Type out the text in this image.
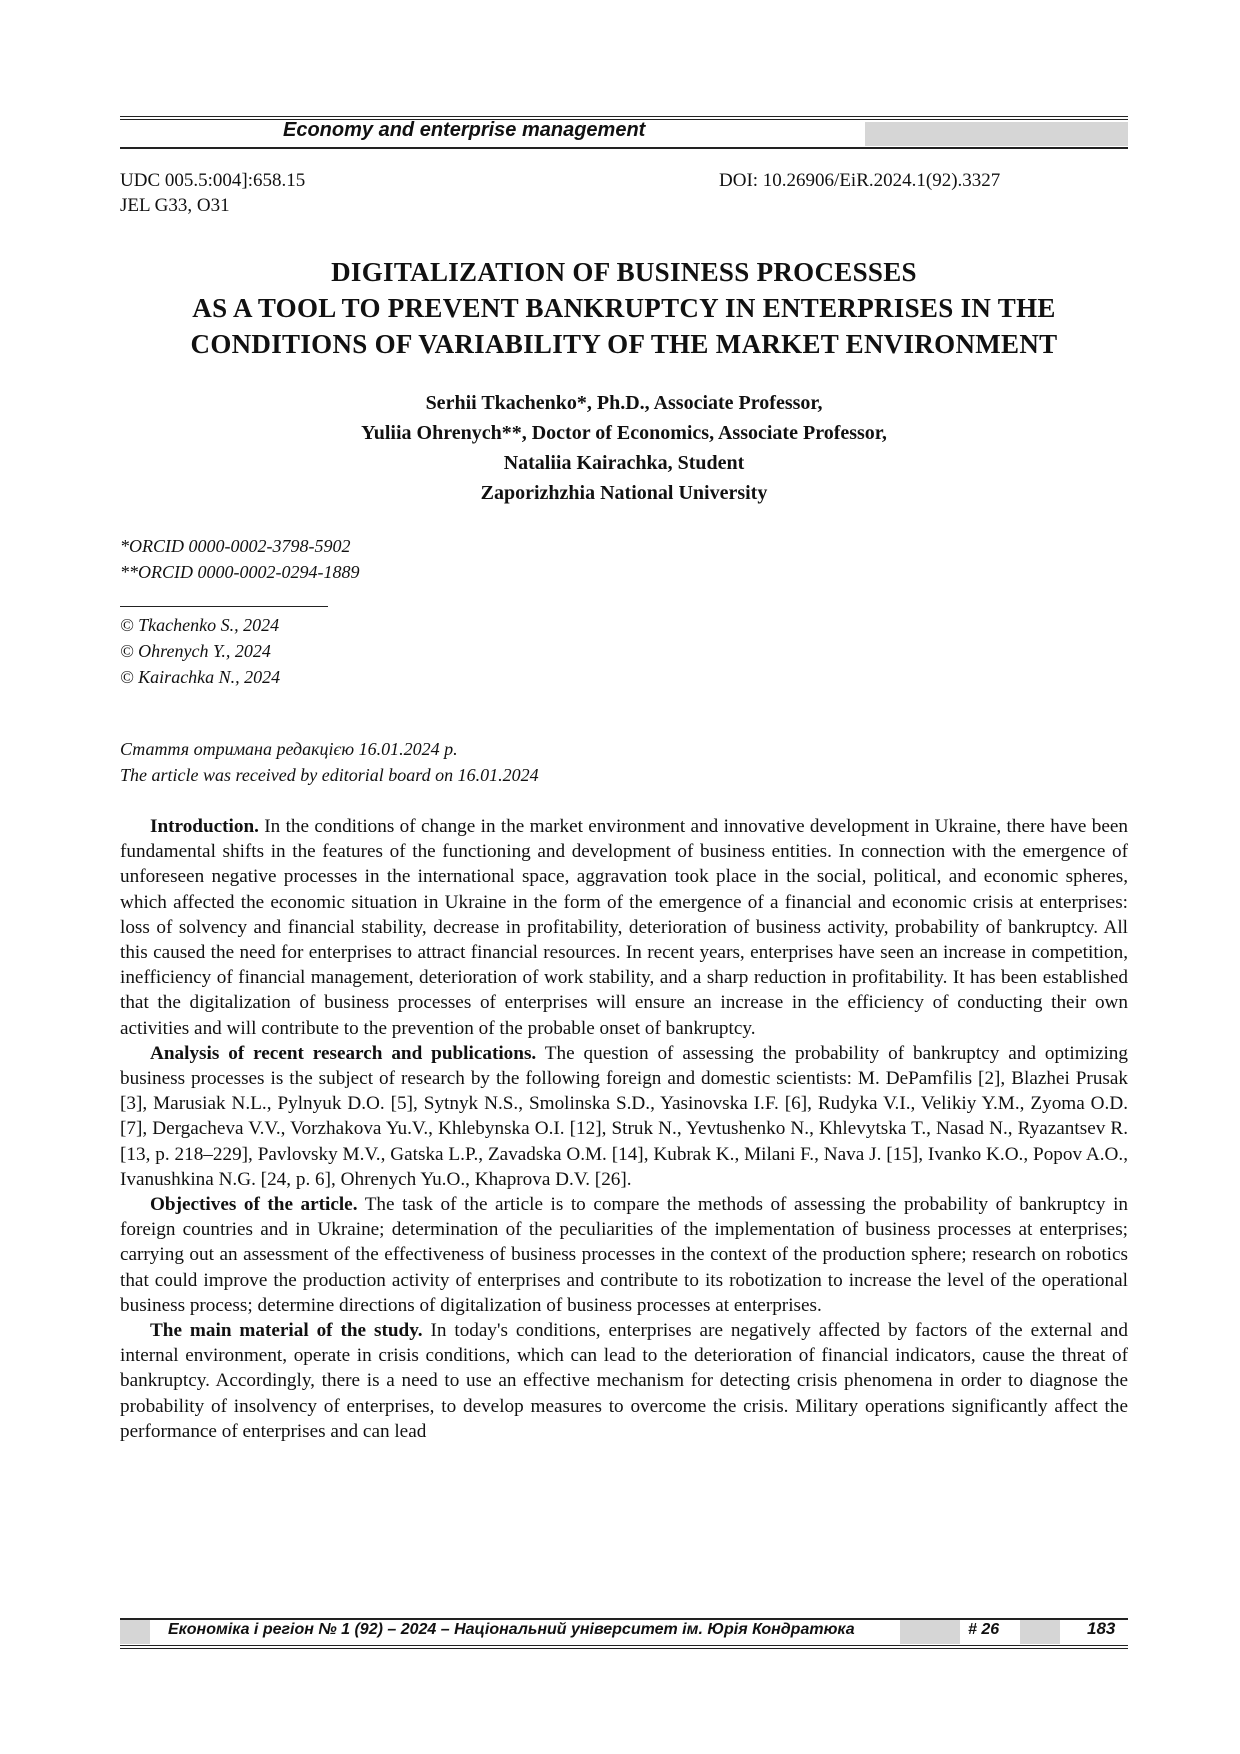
Economy and enterprise management
UDC 005.5:004]:658.15
JEL G33, O31
DOI: 10.26906/EiR.2024.1(92).3327
DIGITALIZATION OF BUSINESS PROCESSES
AS A TOOL TO PREVENT BANKRUPTCY IN ENTERPRISES IN THE
CONDITIONS OF VARIABILITY OF THE MARKET ENVIRONMENT
Serhii Tkachenko*, Ph.D., Associate Professor,
Yuliia Ohrenych**, Doctor of Economics, Associate Professor,
Nataliia Kairachka, Student
Zaporizhzhia National University
*ORCID 0000-0002-3798-5902
**ORCID 0000-0002-0294-1889
© Tkachenko S., 2024
© Ohrenych Y., 2024
© Kairachka N., 2024
Стаття отримана редакцією 16.01.2024 р.
The article was received by editorial board on 16.01.2024

Introduction. In the conditions of change in the market environment and innovative development in Ukraine, there have been fundamental shifts in the features of the functioning and development of business entities. In connection with the emergence of unforeseen negative processes in the international space, aggravation took place in the social, political, and economic spheres, which affected the economic situation in Ukraine in the form of the emergence of a financial and economic crisis at enterprises: loss of solvency and financial stability, decrease in profitability, deterioration of business activity, probability of bankruptcy. All this caused the need for enterprises to attract financial resources. In recent years, enterprises have seen an increase in competition, inefficiency of financial management, deterioration of work stability, and a sharp reduction in profitability. It has been established that the digitalization of business processes of enterprises will ensure an increase in the efficiency of conducting their own activities and will contribute to the prevention of the probable onset of bankruptcy.

Analysis of recent research and publications. The question of assessing the probability of bankruptcy and optimizing business processes is the subject of research by the following foreign and domestic scientists: M. DePamfilis [2], Blazhei Prusak [3], Marusiak N.L., Pylnyuk D.O. [5], Sytnyk N.S., Smolinska S.D., Yasinovska I.F. [6], Rudyka V.I., Velikiy Y.M., Zyoma O.D. [7], Dergacheva V.V., Vorzhakova Yu.V., Khlebynska O.I. [12], Struk N., Yevtushenko N., Khlevytska T., Nasad N., Ryazantsev R. [13, p. 218–229], Pavlovsky M.V., Gatska L.P., Zavadska O.M. [14], Kubrak K., Milani F., Nava J. [15], Ivanko K.O., Popov A.O., Ivanushkina N.G. [24, p. 6], Ohrenych Yu.O., Khaprova D.V. [26].

Objectives of the article. The task of the article is to compare the methods of assessing the probability of bankruptcy in foreign countries and in Ukraine; determination of the peculiarities of the implementation of business processes at enterprises; carrying out an assessment of the effectiveness of business processes in the context of the production sphere; research on robotics that could improve the production activity of enterprises and contribute to its robotization to increase the level of the operational business process; determine directions of digitalization of business processes at enterprises.

The main material of the study. In today's conditions, enterprises are negatively affected by factors of the external and internal environment, operate in crisis conditions, which can lead to the deterioration of financial indicators, cause the threat of bankruptcy. Accordingly, there is a need to use an effective mechanism for detecting crisis phenomena in order to diagnose the probability of insolvency of enterprises, to develop measures to overcome the crisis. Military operations significantly affect the performance of enterprises and can lead

Економіка і регіон № 1 (92) – 2024 – Національний університет ім. Юрія Кондратюка	# 26	183
